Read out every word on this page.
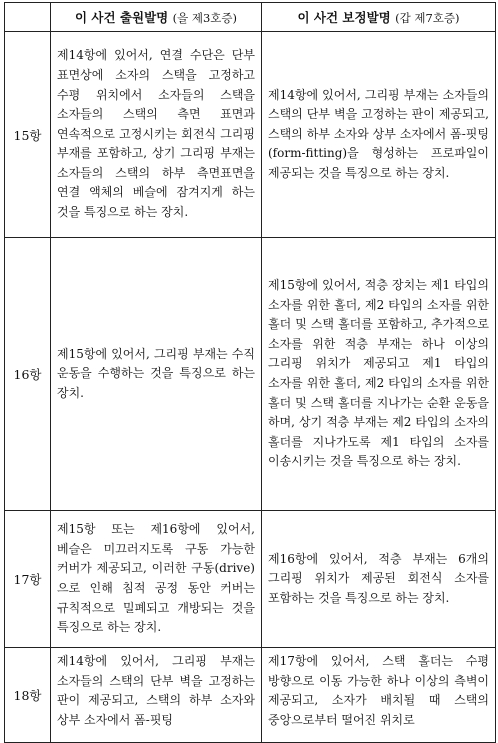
	이 사건 출원발명 (을 제3호증)	이 사건 보정발명 (갑 제7호증)
15항	제14항에 있어서, 연결 수단은 단부 표면상에 소자의 스택을 고정하고 수평 위치에서 소자들의 스택을 소자들의 스택의 측면 표면과 연속적으로 고정시키는 회전식 그리핑 부재를 포함하고, 상기 그리핑 부재는 소자들의 스택의 하부 측면표면을 연결 액체의 베슬에 잠겨지게 하는 것을 특징으로 하는 장치.	제14항에 있어서, 그리핑 부재는 소자들의 스택의 단부 벽을 고정하는 판이 제공되고, 스택의 하부 소자와 상부 소자에서 폼-핏팅(form-fitting)을 형성하는 프로파일이 제공되는 것을 특징으로 하는 장치.
16항	제15항에 있어서, 그리핑 부재는 수직 운동을 수행하는 것을 특징으로 하는 장치.	제15항에 있어서, 적층 장치는 제1 타입의 소자를 위한 홀더, 제2 타입의 소자를 위한 홀더 및 스택 홀더를 포함하고, 추가적으로 소자를 위한 적층 부재는 하나 이상의 그리핑 위치가 제공되고 제1 타입의 소자를 위한 홀더, 제2 타입의 소자를 위한 홀더 및 스택 홀더를 지나가는 순환 운동을 하며, 상기 적층 부재는 제2 타입의 소자의 홀더를 지나가도록 제1 타입의 소자를 이송시키는 것을 특징으로 하는 장치.
17항	제15항 또는 제16항에 있어서, 베슬은 미끄러지도록 구동 가능한 커버가 제공되고, 이러한 구동(drive)으로 인해 침적 공정 동안 커버는 규칙적으로 밀폐되고 개방되는 것을 특징으로 하는 장치.	제16항에 있어서, 적층 부재는 6개의 그리핑 위치가 제공된 회전식 소자를 포함하는 것을 특징으로 하는 장치.
18항	제14항에 있어서, 그리핑 부재는 소자들의 스택의 단부 벽을 고정하는 판이 제공되고, 스택의 하부 소자와 상부 소자에서 폼-핏팅	제17항에 있어서, 스택 홀더는 수평 방향으로 이동 가능한 하나 이상의 측벽이 제공되고, 소자가 배치될 때 스택의 중앙으로부터 떨어진 위치로
